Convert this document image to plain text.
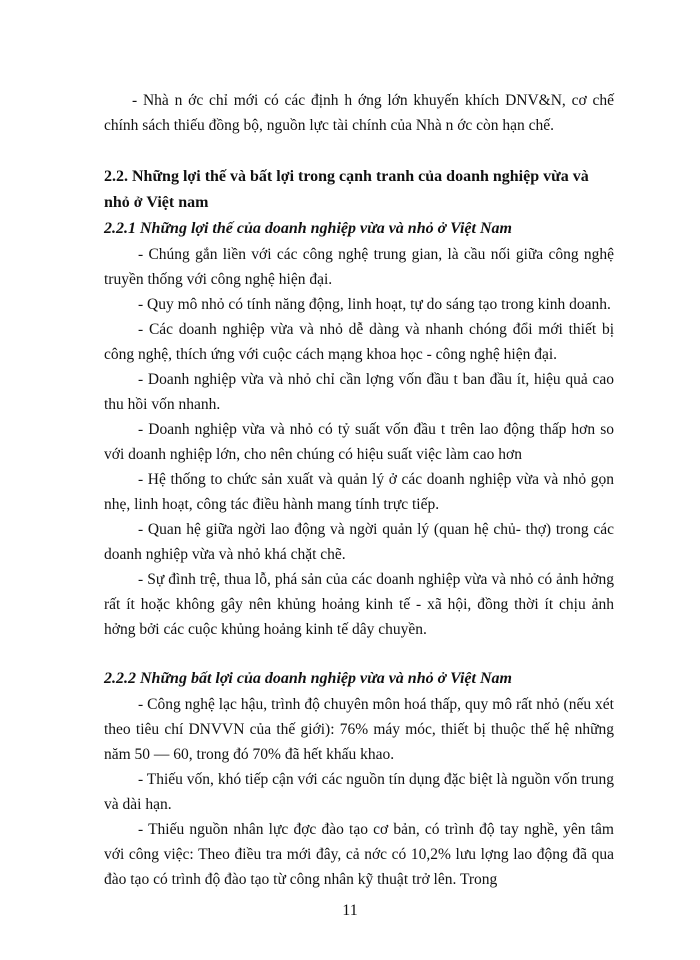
- Nhà n ớc chỉ mới có các định h ớng lớn khuyến khích DNV&N, cơ chế chính sách thiếu đồng bộ, nguồn lực tài chính của Nhà n ớc còn hạn chế.

2.2. Những lợi thế và bất lợi trong cạnh tranh của doanh nghiệp vừa và nhỏ ở Việt nam
2.2.1 Những lợi thế của doanh nghiệp vừa và nhỏ ở Việt Nam

- Chúng gắn liền với các công nghệ trung gian, là cầu nối giữa công nghệ truyền thống với công nghệ hiện đại.

- Quy mô nhỏ có tính năng động, linh hoạt, tự do sáng tạo trong kinh doanh.

- Các doanh nghiệp vừa và nhỏ dễ dàng và nhanh chóng đổi mới thiết bị công nghệ, thích ứng với cuộc cách mạng khoa học - công nghệ hiện đại.

- Doanh nghiệp vừa và nhỏ chỉ cần lợng vốn đầu t ban đầu ít, hiệu quả cao thu hồi vốn nhanh.

- Doanh nghiệp vừa và nhỏ có tỷ suất vốn đầu t trên lao động thấp hơn so với doanh nghiệp lớn, cho nên chúng có hiệu suất việc làm cao hơn

- Hệ thống to chức sản xuất và quản lý ở các doanh nghiệp vừa và nhỏ gọn nhẹ, linh hoạt, công tác điều hành mang tính trực tiếp.

- Quan hệ giữa ngời lao động và ngời quản lý (quan hệ chủ- thợ) trong các doanh nghiệp vừa và nhỏ khá chặt chẽ.

- Sự đình trệ, thua lỗ, phá sản của các doanh nghiệp vừa và nhỏ có ảnh hởng rất ít hoặc không gây nên khủng hoảng kinh tế - xã hội, đồng thời ít chịu ảnh hởng bởi các cuộc khủng hoảng kinh tế dây chuyền.

2.2.2 Những bất lợi của doanh nghiệp vừa và nhỏ ở Việt Nam

- Công nghệ lạc hậu, trình độ chuyên môn hoá thấp, quy mô rất nhỏ (nếu xét theo tiêu chí DNVVN của thế giới): 76% máy móc, thiết bị thuộc thế hệ những năm 50 — 60, trong đó 70% đã hết khấu khao.

- Thiếu vốn, khó tiếp cận với các nguồn tín dụng đặc biệt là nguồn vốn trung và dài hạn.

- Thiếu nguồn nhân lực đợc đào tạo cơ bản, có trình độ tay nghề, yên tâm với công việc: Theo điều tra mới đây, cả nớc có 10,2% lưu lợng lao động đã qua đào tạo có trình độ đào tạo từ công nhân kỹ thuật trở lên. Trong

11
